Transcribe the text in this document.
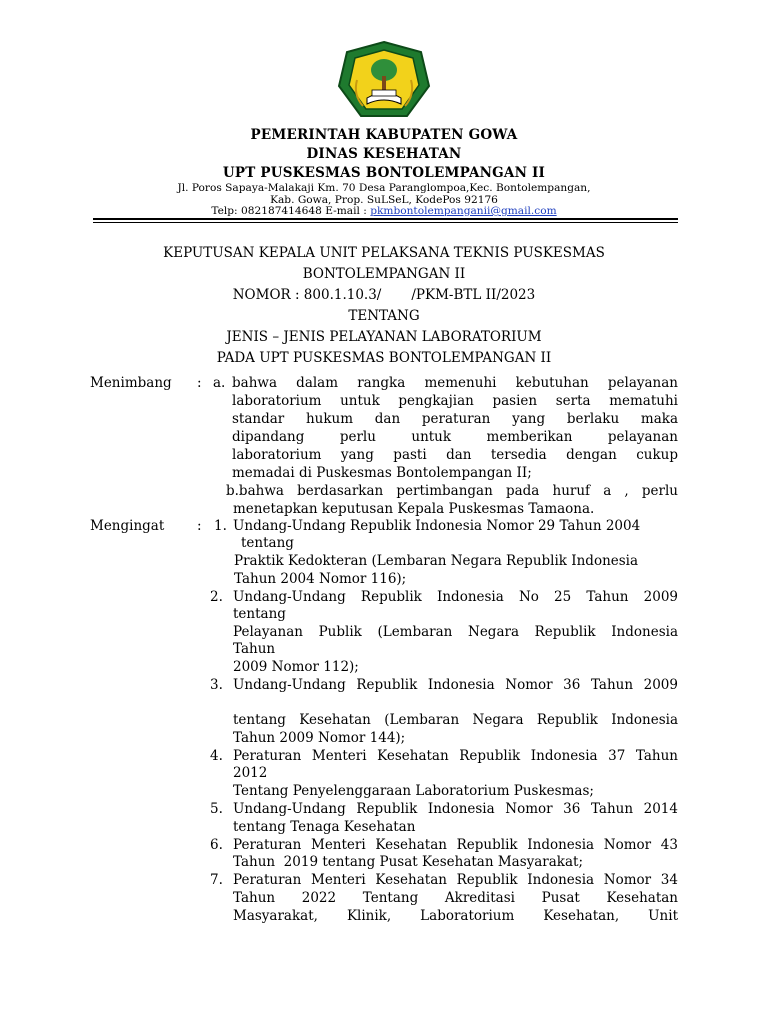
PEMERINTAH KABUPATEN GOWA
DINAS KESEHATAN
UPT PUSKESMAS BONTOLEMPANGAN II
Jl. Poros Sapaya-Malakaji Km. 70 Desa Paranglompoa,Kec. Bontolempangan,
Kab. Gowa, Prop. SuLSeL, KodePos 92176
Telp: 082187414648 E-mail : pkmbontolempanganii@gmail.com
KEPUTUSAN KEPALA UNIT PELAKSANA TEKNIS PUSKESMAS
BONTOLEMPANGAN II
NOMOR : 800.1.10.3/       /PKM-BTL II/2023
TENTANG
JENIS – JENIS PELAYANAN LABORATORIUM
PADA UPT PUSKESMAS BONTOLEMPANGAN II
Menimbang : a. bahwa dalam rangka memenuhi kebutuhan pelayanan
laboratorium untuk pengkajian pasien serta mematuhi
standar hukum dan peraturan yang berlaku maka
dipandang perlu untuk memberikan pelayanan
laboratorium yang pasti dan tersedia dengan cukup
memadai di Puskesmas Bontolempangan II;
b.bahwa berdasarkan pertimbangan pada huruf a , perlu
menetapkan keputusan Kepala Puskesmas Tamaona.
Mengingat : 1. Undang-Undang Republik Indonesia Nomor 29 Tahun 2004
tentang
Praktik Kedokteran (Lembaran Negara Republik Indonesia
Tahun 2004 Nomor 116);
2. Undang-Undang Republik Indonesia No 25 Tahun 2009
tentang
Pelayanan Publik (Lembaran Negara Republik Indonesia
Tahun
2009 Nomor 112);
3. Undang-Undang Republik Indonesia Nomor 36 Tahun 2009
tentang Kesehatan (Lembaran Negara Republik Indonesia
Tahun 2009 Nomor 144);
4. Peraturan Menteri Kesehatan Republik Indonesia 37 Tahun
2012
Tentang Penyelenggaraan Laboratorium Puskesmas;
5. Undang-Undang Republik Indonesia Nomor 36 Tahun 2014
tentang Tenaga Kesehatan
6. Peraturan Menteri Kesehatan Republik Indonesia Nomor 43
Tahun  2019 tentang Pusat Kesehatan Masyarakat;
7. Peraturan Menteri Kesehatan Republik Indonesia Nomor 34
Tahun 2022 Tentang Akreditasi Pusat Kesehatan
Masyarakat, Klinik, Laboratorium Kesehatan, Unit
